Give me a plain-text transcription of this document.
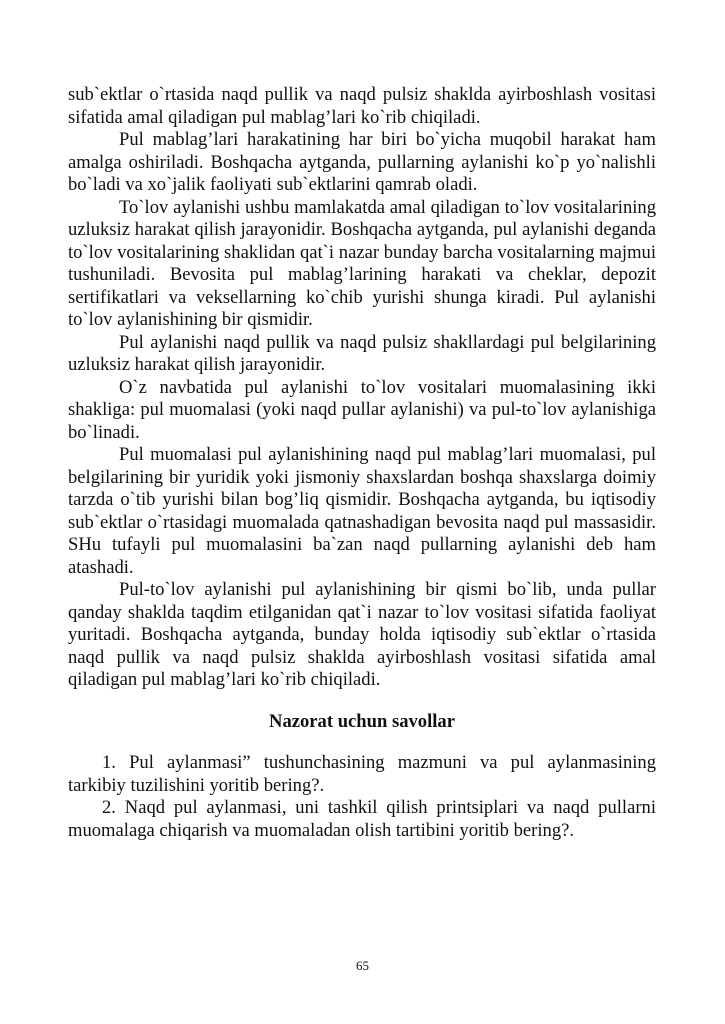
sub`ektlar o`rtasida naqd pullik va naqd pulsiz shaklda ayirboshlash vositasi sifatida amal qiladigan pul mablag’lari ko`rib chiqiladi.

Pul mablag’lari harakatining har biri bo`yicha muqobil harakat ham amalga oshiriladi. Boshqacha aytganda, pullarning aylanishi ko`p yo`nalishli bo`ladi va xo`jalik faoliyati sub`ektlarini qamrab oladi.

To`lov aylanishi ushbu mamlakatda amal qiladigan to`lov vositalarining uzluksiz harakat qilish jarayonidir. Boshqacha aytganda, pul aylanishi deganda to`lov vositalarining shaklidan qat`i nazar bunday barcha vositalarning majmui tushuniladi. Bevosita pul mablag’larining harakati va cheklar, depozit sertifikatlari va veksellarning ko`chib yurishi shunga kiradi. Pul aylanishi to`lov aylanishining bir qismidir.

Pul aylanishi naqd pullik va naqd pulsiz shakllardagi pul belgilarining uzluksiz harakat qilish jarayonidir.

O`z navbatida pul aylanishi to`lov vositalari muomalasining ikki shakliga: pul muomalasi (yoki naqd pullar aylanishi) va pul-to`lov aylanishiga bo`linadi.

Pul muomalasi pul aylanishining naqd pul mablag’lari muomalasi, pul belgilarining bir yuridik yoki jismoniy shaxslardan boshqa shaxslarga doimiy tarzda o`tib yurishi bilan bog’liq qismidir. Boshqacha aytganda, bu iqtisodiy sub`ektlar o`rtasidagi muomalada qatnashadigan bevosita naqd pul massasidir. SHu tufayli pul muomalasini ba`zan naqd pullarning aylanishi deb ham atashadi.

Pul-to`lov aylanishi pul aylanishining bir qismi bo`lib, unda pullar qanday shaklda taqdim etilganidan qat`i nazar to`lov vositasi sifatida faoliyat yuritadi. Boshqacha aytganda, bunday holda iqtisodiy sub`ektlar o`rtasida naqd pullik va naqd pulsiz shaklda ayirboshlash vositasi sifatida amal qiladigan pul mablag’lari ko`rib chiqiladi.

Nazorat uchun savollar

1. Pul aylanmasi” tushunchasining mazmuni va pul aylanmasining tarkibiy tuzilishini yoritib bering?.

2. Naqd pul aylanmasi, uni tashkil qilish printsiplari va naqd pullarni muomalaga chiqarish va muomaladan olish tartibini yoritib bering?.

65
